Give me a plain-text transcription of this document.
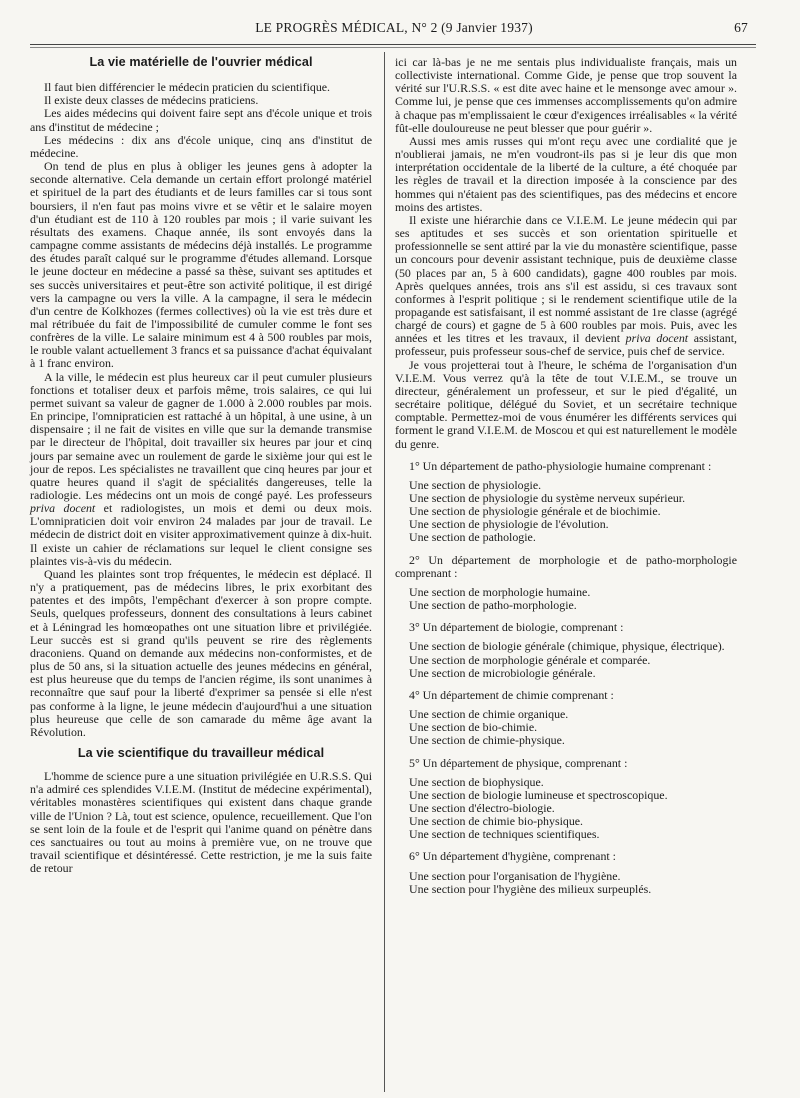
LE PROGRÈS MÉDICAL, N° 2 (9 Janvier 1937)	67
La vie matérielle de l'ouvrier médical

Il faut bien différencier le médecin praticien du scientifique.

Il existe deux classes de médecins praticiens.

Les aides médecins qui doivent faire sept ans d'école unique et trois ans d'institut de médecine ;

Les médecins : dix ans d'école unique, cinq ans d'institut de médecine.

On tend de plus en plus à obliger les jeunes gens à adopter la seconde alternative. Cela demande un certain effort prolongé matériel et spirituel de la part des étudiants et de leurs familles car si tous sont boursiers, il n'en faut pas moins vivre et se vêtir et le salaire moyen d'un étudiant est de 110 à 120 roubles par mois ; il varie suivant les résultats des examens. Chaque année, ils sont envoyés dans la campagne comme assistants de médecins déjà installés. Le programme des études paraît calqué sur le programme d'études allemand. Lorsque le jeune docteur en médecine a passé sa thèse, suivant ses aptitudes et ses succès universitaires et peut-être son activité politique, il est dirigé vers la campagne ou vers la ville. A la campagne, il sera le médecin d'un centre de Kolkhozes (fermes collectives) où la vie est très dure et mal rétribuée du fait de l'impossibilité de cumuler comme le font ses confrères de la ville. Le salaire minimum est 4 à 500 roubles par mois, le rouble valant actuellement 3 francs et sa puissance d'achat équivalant à 1 franc environ.

A la ville, le médecin est plus heureux car il peut cumuler plusieurs fonctions et totaliser deux et parfois même, trois salaires, ce qui lui permet suivant sa valeur de gagner de 1.000 à 2.000 roubles par mois. En principe, l'omnipraticien est rattaché à un hôpital, à une usine, à un dispensaire ; il ne fait de visites en ville que sur la demande transmise par le directeur de l'hôpital, doit travailler six heures par jour et cinq jours par semaine avec un roulement de garde le sixième jour qui est le jour de repos. Les spécialistes ne travaillent que cinq heures par jour et quatre heures quand il s'agit de spécialités dangereuses, telle la radiologie. Les médecins ont un mois de congé payé. Les professeurs priva docent et radiologistes, un mois et demi ou deux mois. L'omnipraticien doit voir environ 24 malades par jour de travail. Le médecin de district doit en visiter approximativement quinze à dix-huit. Il existe un cahier de réclamations sur lequel le client consigne ses plaintes vis-à-vis du médecin.

Quand les plaintes sont trop fréquentes, le médecin est déplacé. Il n'y a pratiquement, pas de médecins libres, le prix exorbitant des patentes et des impôts, l'empêchant d'exercer à son propre compte. Seuls, quelques professeurs, donnent des consultations à leurs cabinet et à Léningrad les homœopathes ont une situation libre et privilégiée. Leur succès est si grand qu'ils peuvent se rire des règlements draconiens. Quand on demande aux médecins non-conformistes, et de plus de 50 ans, si la situation actuelle des jeunes médecins en général, est plus heureuse que du temps de l'ancien régime, ils sont unanimes à reconnaître que sauf pour la liberté d'exprimer sa pensée si elle n'est pas conforme à la ligne, le jeune médecin d'aujourd'hui a une situation plus heureuse que celle de son camarade du même âge avant la Révolution.

La vie scientifique du travailleur médical

L'homme de science pure a une situation privilégiée en U.R.S.S. Qui n'a admiré ces splendides V.I.E.M. (Institut de médecine expérimental), véritables monastères scientifiques qui existent dans chaque grande ville de l'Union ? Là, tout est science, opulence, recueillement. Que l'on se sent loin de la foule et de l'esprit qui l'anime quand on pénètre dans ces sanctuaires ou tout au moins à première vue, on ne trouve que travail scientifique et désintéressé. Cette restriction, je me la suis faite de retour

ici car là-bas je ne me sentais plus individualiste français, mais un collectiviste international. Comme Gide, je pense que trop souvent la vérité sur l'U.R.S.S. « est dite avec haine et le mensonge avec amour ». Comme lui, je pense que ces immenses accomplissements qu'on admire à chaque pas m'emplissaient le cœur d'exigences irréalisables « la vérité fût-elle douloureuse ne peut blesser que pour guérir ».

Aussi mes amis russes qui m'ont reçu avec une cordialité que je n'oublierai jamais, ne m'en voudront-ils pas si je leur dis que mon interprétation occidentale de la liberté de la culture, a été choquée par les règles de travail et la direction imposée à la conscience par des hommes qui n'étaient pas des scientifiques, pas des médecins et encore moins des artistes.

Il existe une hiérarchie dans ce V.I.E.M. Le jeune médecin qui par ses aptitudes et ses succès et son orientation spirituelle et professionnelle se sent attiré par la vie du monastère scientifique, passe un concours pour devenir assistant technique, puis de deuxième classe (50 places par an, 5 à 600 candidats), gagne 400 roubles par mois. Après quelques années, trois ans s'il est assidu, si ces travaux sont conformes à l'esprit politique ; si le rendement scientifique utile de la propagande est satisfaisant, il est nommé assistant de 1re classe (agrégé chargé de cours) et gagne de 5 à 600 roubles par mois. Puis, avec les années et les titres et les travaux, il devient priva docent assistant, professeur, puis professeur sous-chef de service, puis chef de service.

Je vous projetterai tout à l'heure, le schéma de l'organisation d'un V.I.E.M. Vous verrez qu'à la tête de tout V.I.E.M., se trouve un directeur, généralement un professeur, et sur le pied d'égalité, un secrétaire politique, délégué du Soviet, et un secrétaire technique comptable. Permettez-moi de vous énumérer les différents services qui forment le grand V.I.E.M. de Moscou et qui est naturellement le modèle du genre.

1° Un département de patho-physiologie humaine comprenant :

Une section de physiologie.
Une section de physiologie du système nerveux supérieur.
Une section de physiologie générale et de biochimie.
Une section de physiologie de l'évolution.
Une section de pathologie.

2° Un département de morphologie et de patho-morphologie comprenant :

Une section de morphologie humaine.
Une section de patho-morphologie.

3° Un département de biologie, comprenant :

Une section de biologie générale (chimique, physique, électrique).
Une section de morphologie générale et comparée.
Une section de microbiologie générale.

4° Un département de chimie comprenant :

Une section de chimie organique.
Une section de bio-chimie.
Une section de chimie-physique.

5° Un département de physique, comprenant :

Une section de biophysique.
Une section de biologie lumineuse et spectroscopique.
Une section d'électro-biologie.
Une section de chimie bio-physique.
Une section de techniques scientifiques.

6° Un département d'hygiène, comprenant :

Une section pour l'organisation de l'hygiène.
Une section pour l'hygiène des milieux surpeuplés.
